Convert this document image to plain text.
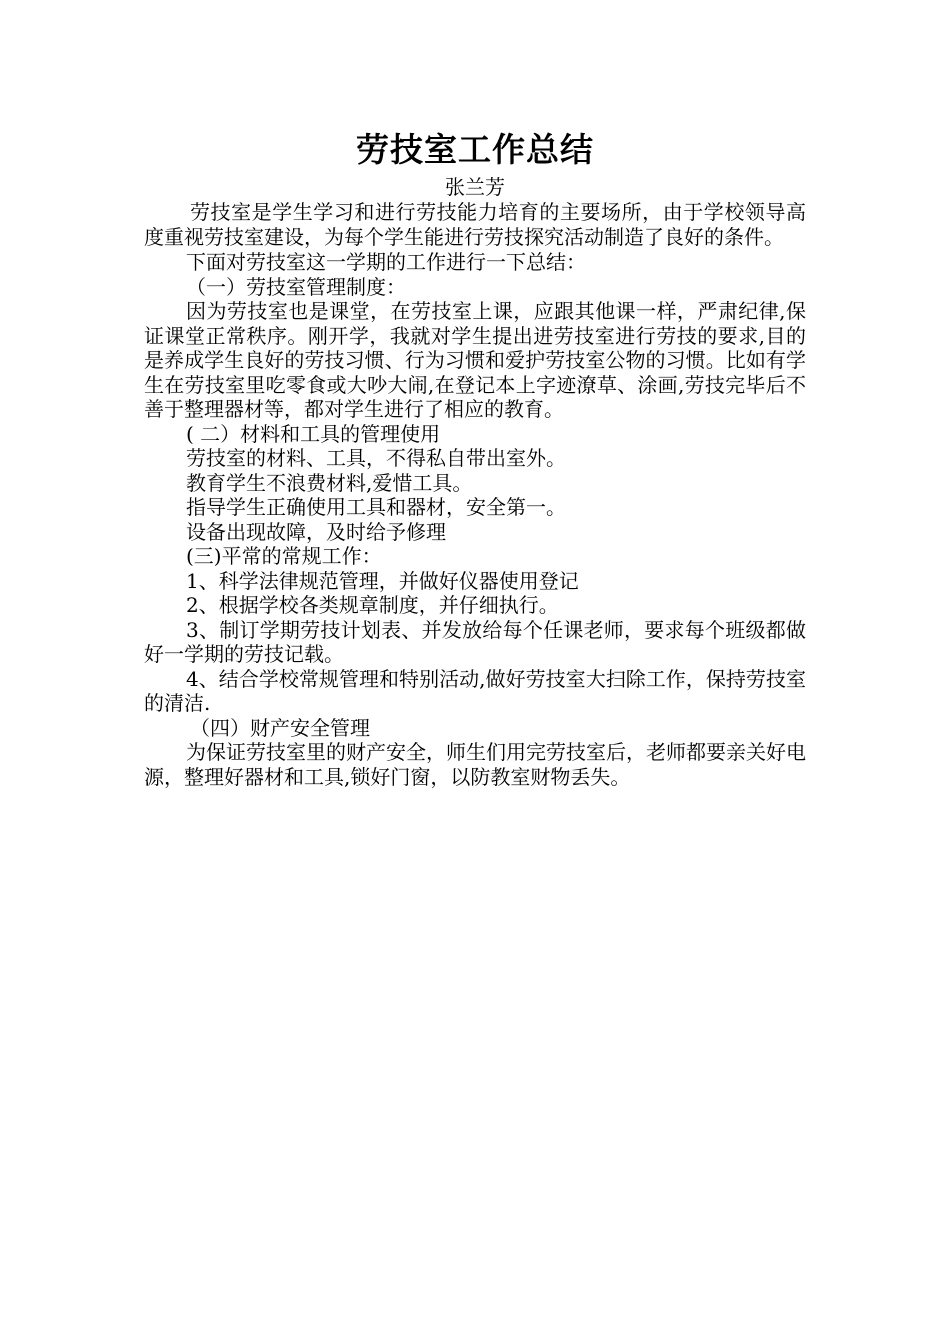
劳技室工作总结

张兰芳

劳技室是学生学习和进行劳技能力培育的主要场所，由于学校领导高度重视劳技室建设，为每个学生能进行劳技探究活动制造了良好的条件。

下面对劳技室这一学期的工作进行一下总结：

（一）劳技室管理制度：

因为劳技室也是课堂，在劳技室上课，应跟其他课一样，严肃纪律,保证课堂正常秩序。刚开学，我就对学生提出进劳技室进行劳技的要求,目的是养成学生良好的劳技习惯、行为习惯和爱护劳技室公物的习惯。比如有学生在劳技室里吃零食或大吵大闹,在登记本上字迹潦草、涂画,劳技完毕后不善于整理器材等，都对学生进行了相应的教育。

( 二）材料和工具的管理使用

劳技室的材料、工具，不得私自带出室外。

教育学生不浪费材料,爱惜工具。

指导学生正确使用工具和器材，安全第一。

设备出现故障，及时给予修理

(三)平常的常规工作：

1、科学法律规范管理，并做好仪器使用登记

2、根据学校各类规章制度，并仔细执行。

3、制订学期劳技计划表、并发放给每个任课老师，要求每个班级都做好一学期的劳技记载。

4、结合学校常规管理和特别活动,做好劳技室大扫除工作，保持劳技室的清洁.

（四）财产安全管理

为保证劳技室里的财产安全，师生们用完劳技室后，老师都要亲关好电源，整理好器材和工具,锁好门窗，以防教室财物丢失。
